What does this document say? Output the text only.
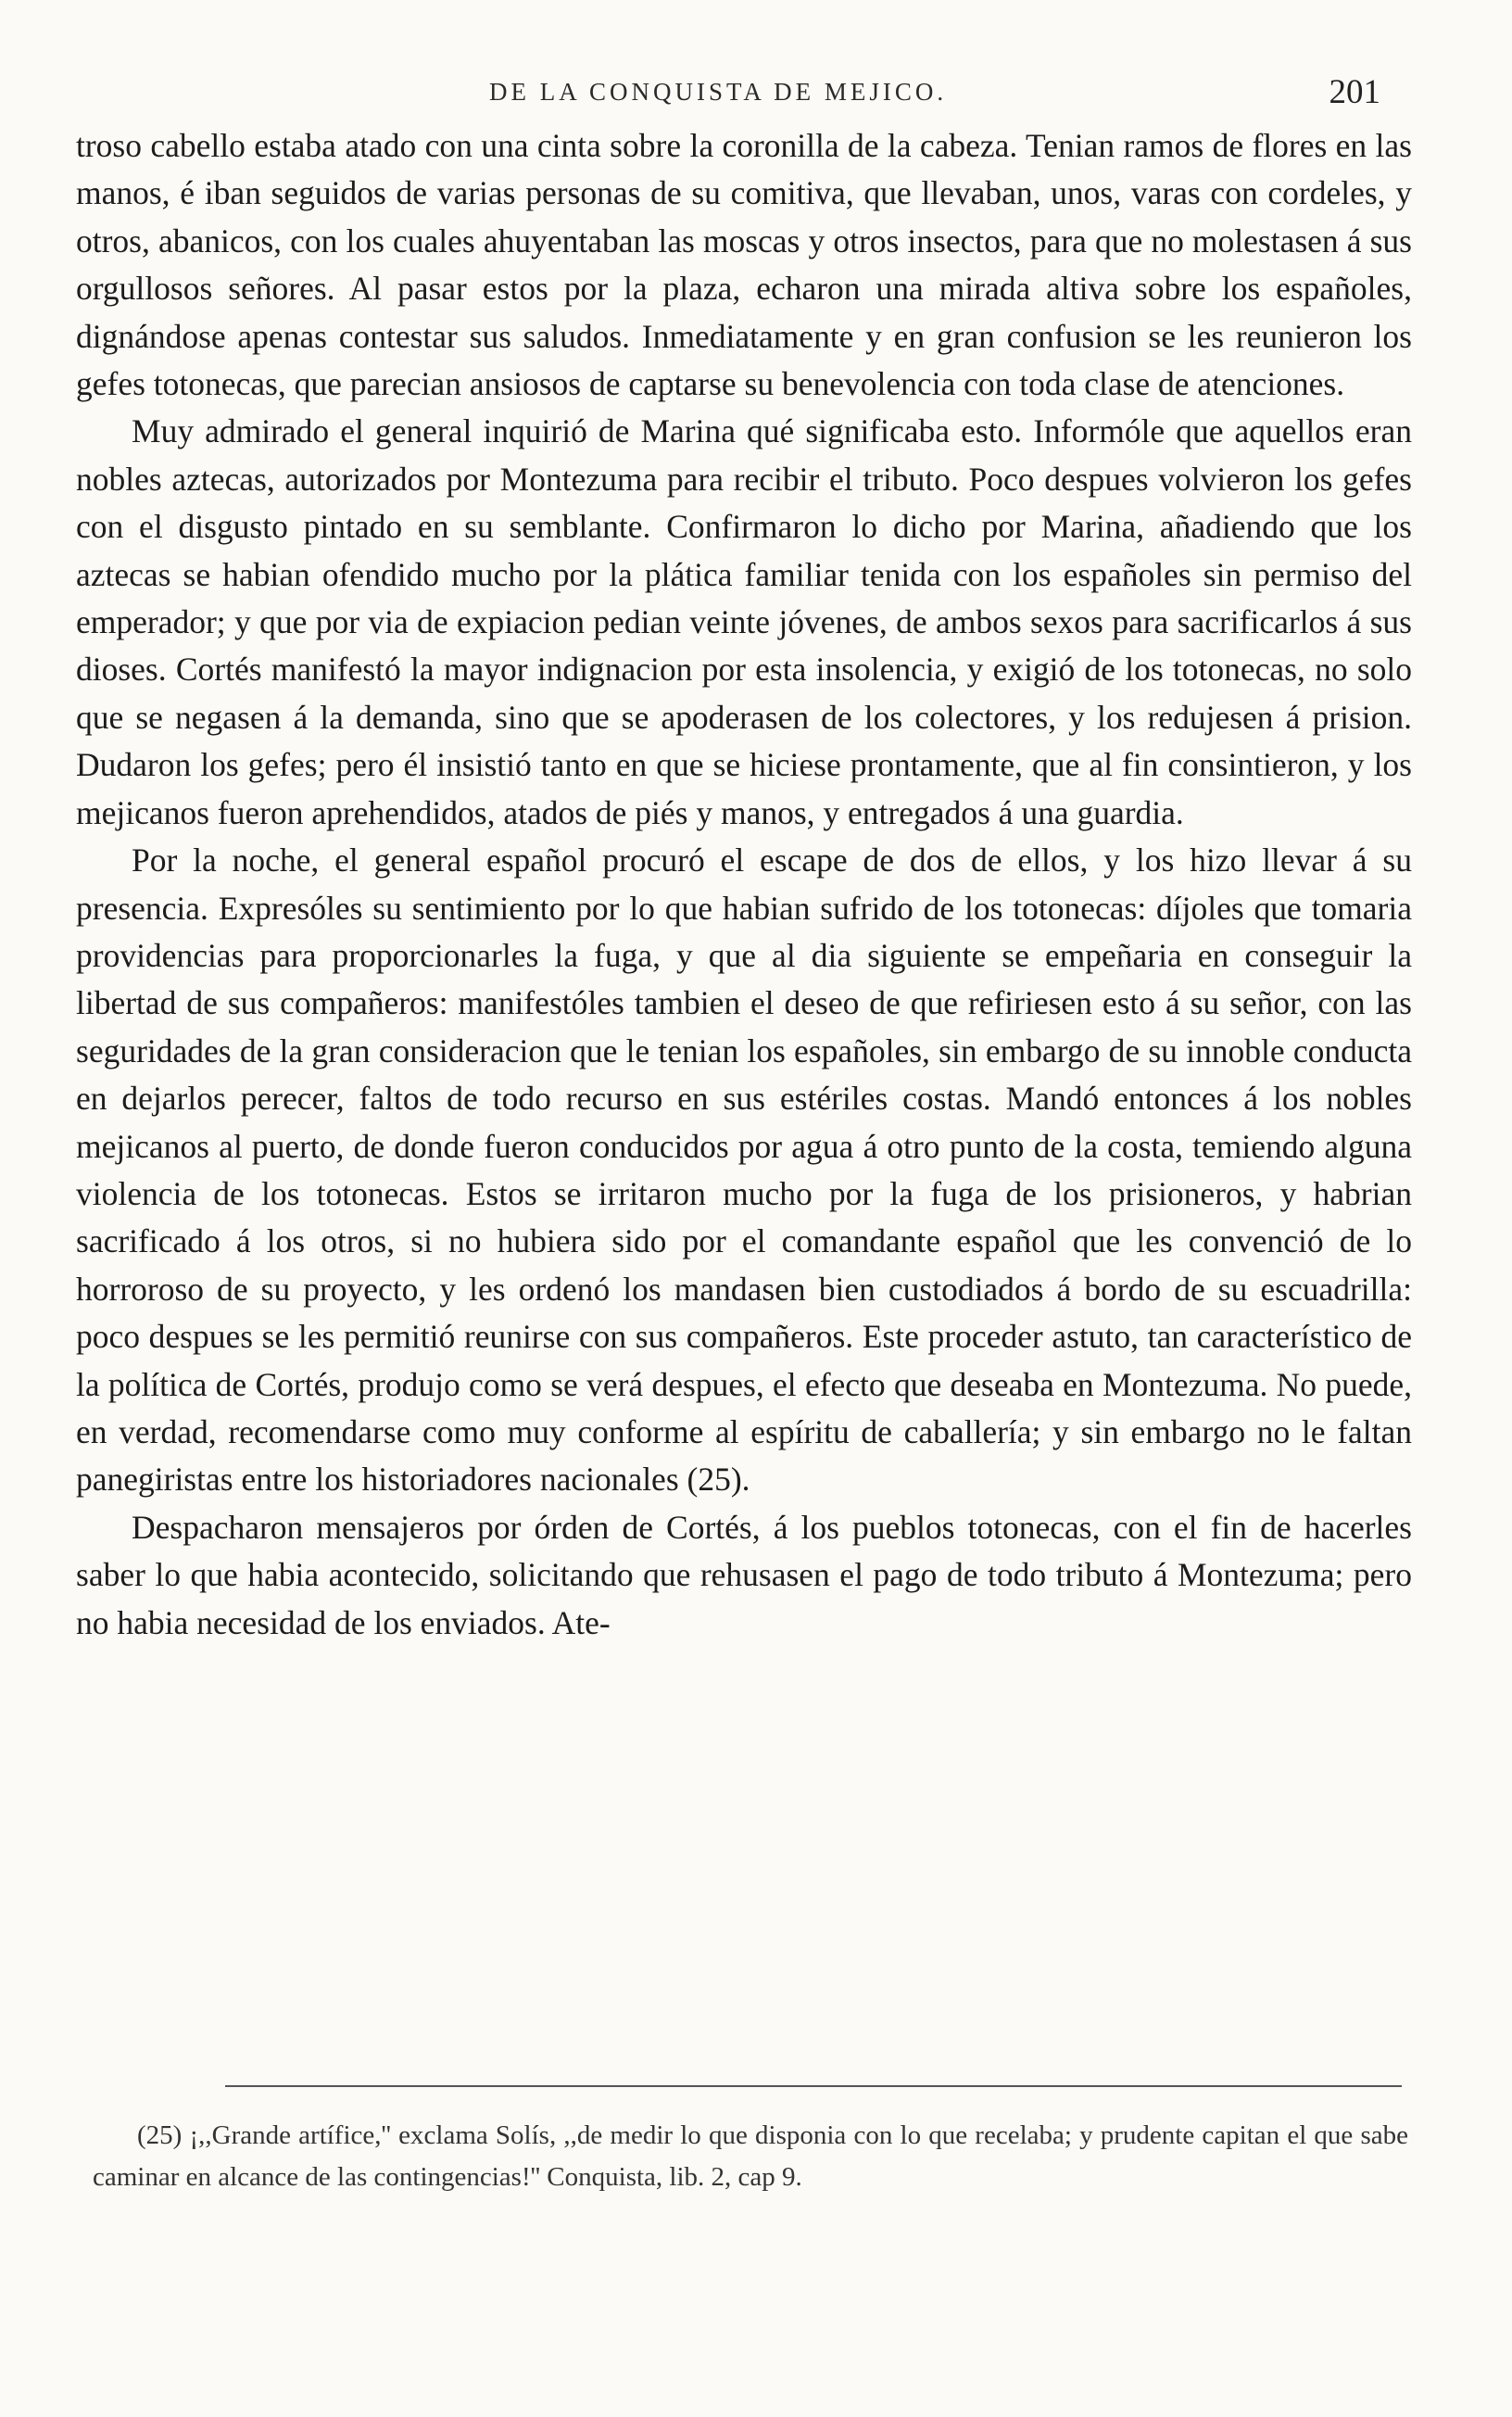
DE LA CONQUISTA DE MEJICO.	201

troso cabello estaba atado con una cinta sobre la coronilla de la cabeza. Tenian ramos de flores en las manos, é iban seguidos de varias personas de su comitiva, que llevaban, unos, varas con cordeles, y otros, abanicos, con los cuales ahuyentaban las moscas y otros insectos, para que no molestasen á sus orgullosos señores. Al pasar estos por la plaza, echaron una mirada altiva sobre los españoles, dignándose apenas contestar sus saludos. Inmediatamente y en gran confusion se les reunieron los gefes totonecas, que parecian ansiosos de captarse su benevolencia con toda clase de atenciones.

Muy admirado el general inquirió de Marina qué significaba esto. Informóle que aquellos eran nobles aztecas, autorizados por Montezuma para recibir el tributo. Poco despues volvieron los gefes con el disgusto pintado en su semblante. Confirmaron lo dicho por Marina, añadiendo que los aztecas se habian ofendido mucho por la plática familiar tenida con los españoles sin permiso del emperador; y que por via de expiacion pedian veinte jóvenes, de ambos sexos para sacrificarlos á sus dioses. Cortés manifestó la mayor indignacion por esta insolencia, y exigió de los totonecas, no solo que se negasen á la demanda, sino que se apoderasen de los colectores, y los redujesen á prision. Dudaron los gefes; pero él insistió tanto en que se hiciese prontamente, que al fin consintieron, y los mejicanos fueron aprehendidos, atados de piés y manos, y entregados á una guardia.

Por la noche, el general español procuró el escape de dos de ellos, y los hizo llevar á su presencia. Expresóles su sentimiento por lo que habian sufrido de los totonecas: díjoles que tomaria providencias para proporcionarles la fuga, y que al dia siguiente se empeñaria en conseguir la libertad de sus compañeros: manifestóles tambien el deseo de que refiriesen esto á su señor, con las seguridades de la gran consideracion que le tenian los españoles, sin embargo de su innoble conducta en dejarlos perecer, faltos de todo recurso en sus estériles costas. Mandó entonces á los nobles mejicanos al puerto, de donde fueron conducidos por agua á otro punto de la costa, temiendo alguna violencia de los totonecas. Estos se irritaron mucho por la fuga de los prisioneros, y habrian sacrificado á los otros, si no hubiera sido por el comandante español que les convenció de lo horroroso de su proyecto, y les ordenó los mandasen bien custodiados á bordo de su escuadrilla: poco despues se les permitió reunirse con sus compañeros. Este proceder astuto, tan característico de la política de Cortés, produjo como se verá despues, el efecto que deseaba en Montezuma. No puede, en verdad, recomendarse como muy conforme al espíritu de caballería; y sin embargo no le faltan panegiristas entre los historiadores nacionales (25).

Despacharon mensajeros por órden de Cortés, á los pueblos totonecas, con el fin de hacerles saber lo que habia acontecido, solicitando que rehusasen el pago de todo tributo á Montezuma; pero no habia necesidad de los enviados. Ate-

(25) ¡,,Grande artífice,'' exclama Solís, ,,de medir lo que disponia con lo que recelaba; y prudente capitan el que sabe caminar en alcance de las contingencias!'' Conquista, lib. 2, cap 9.
